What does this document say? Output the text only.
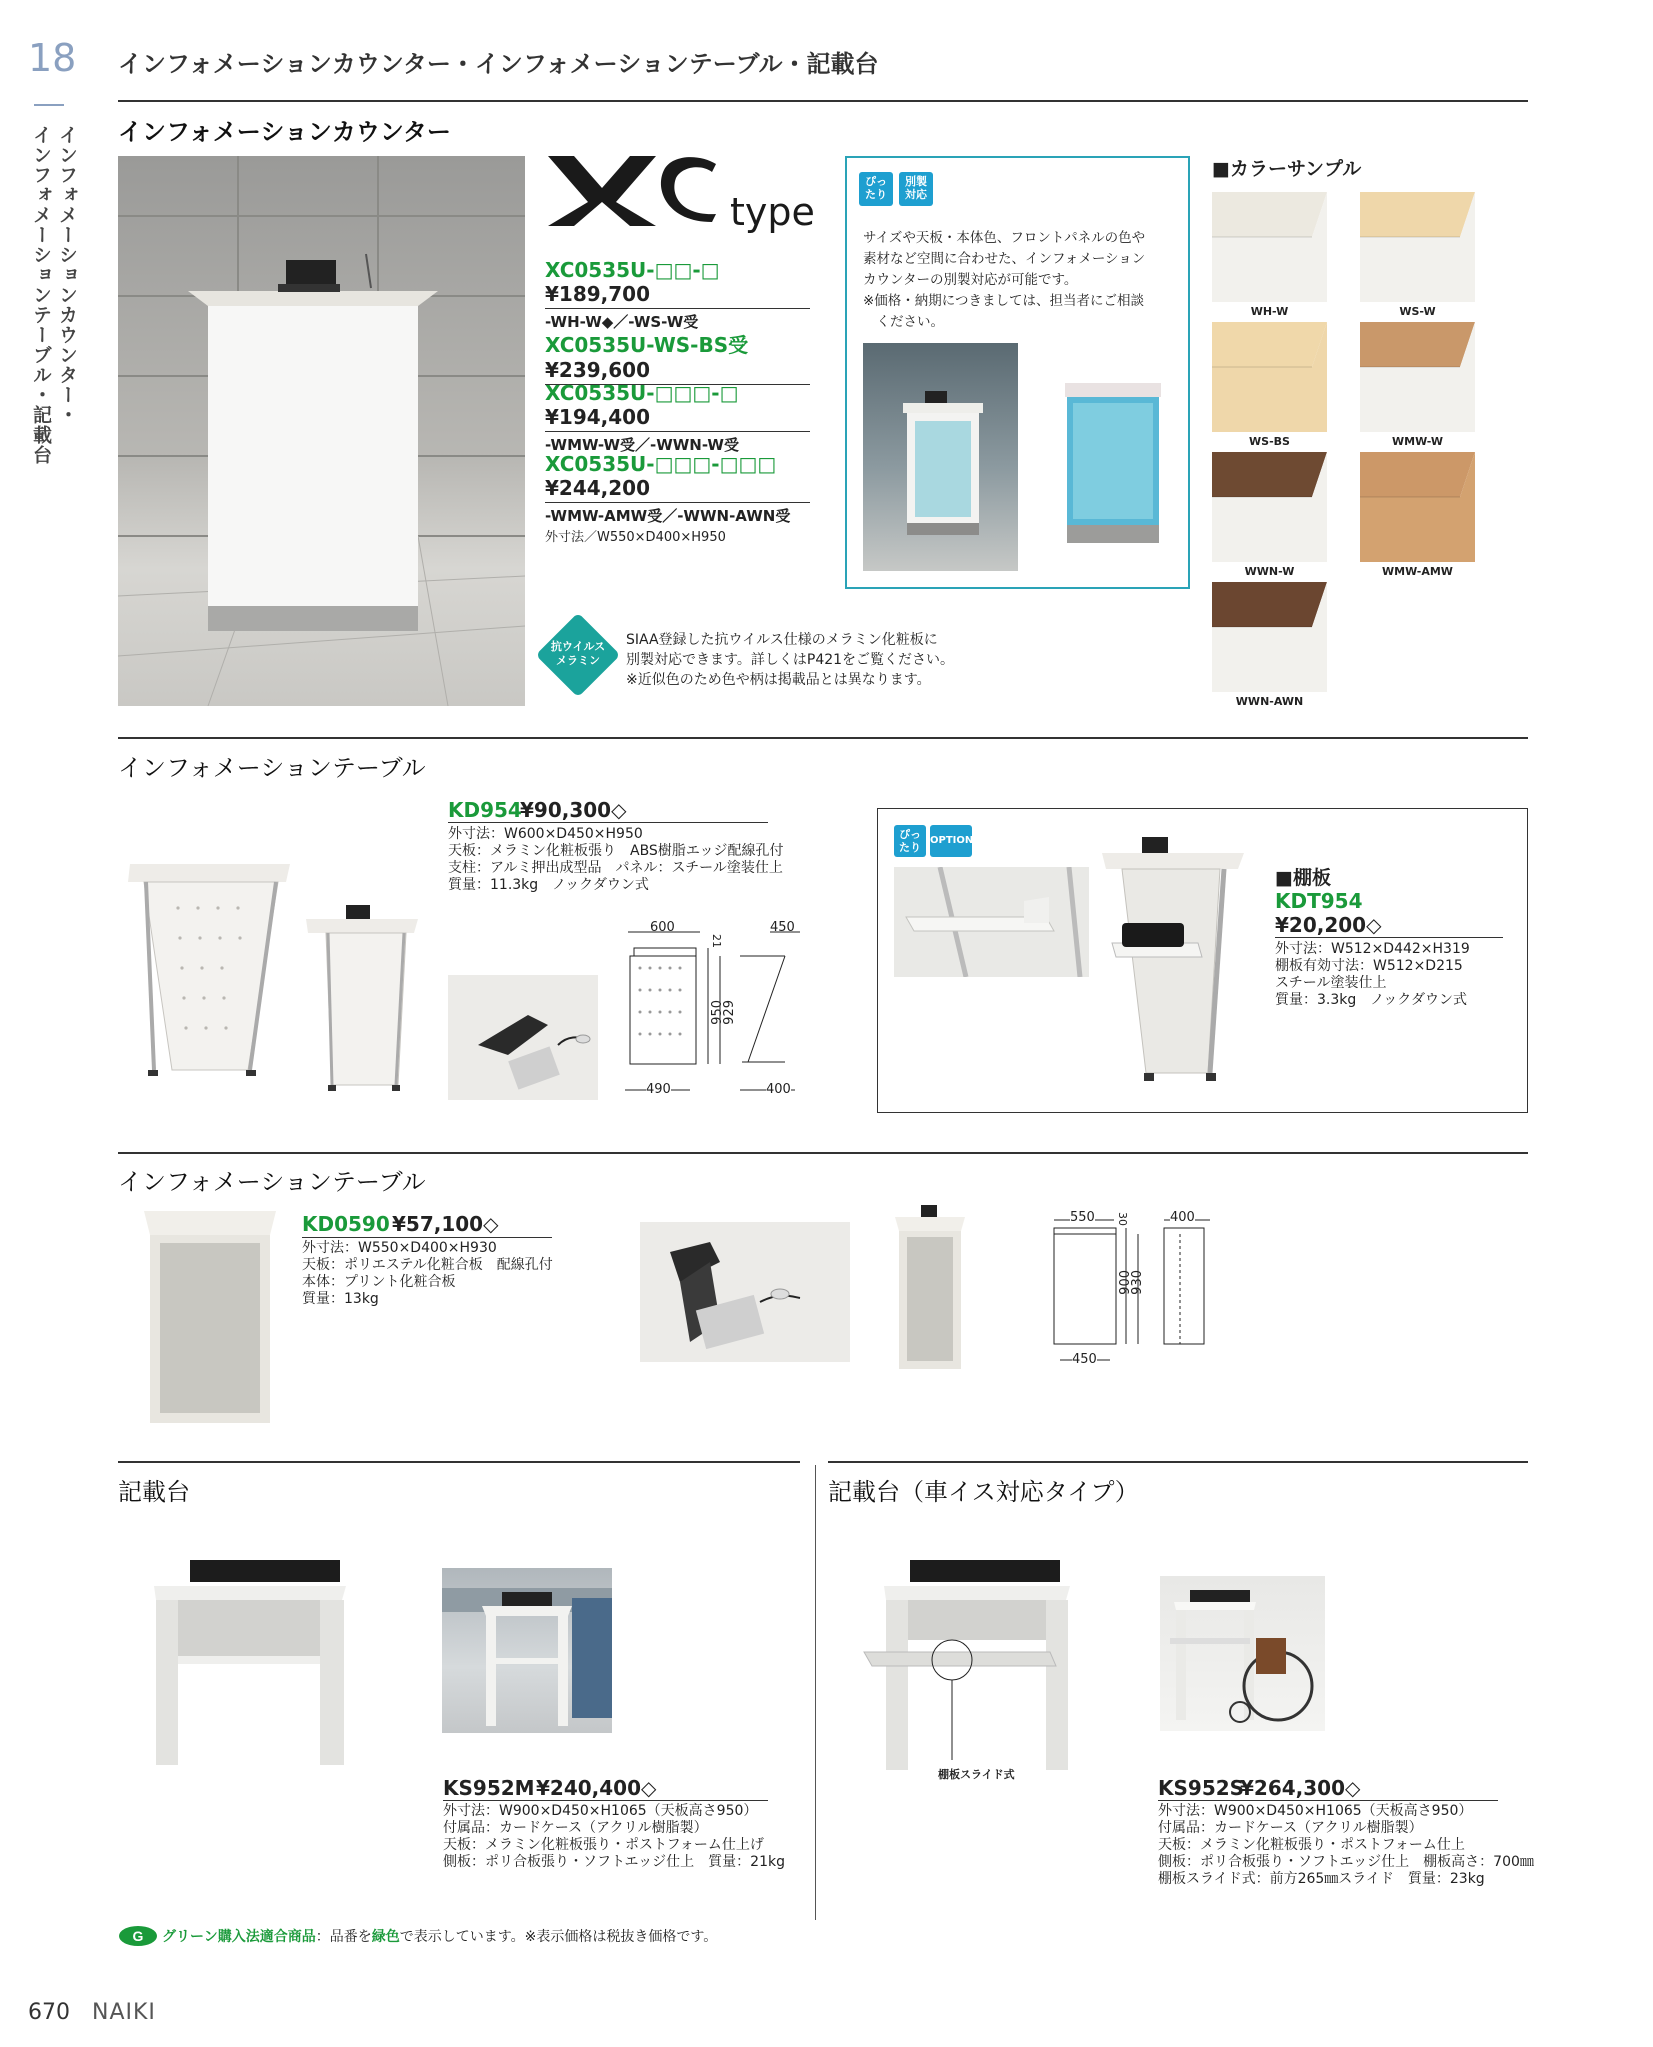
18 インフォメーションカウンター・インフォメーションテーブル・記載台
インフォメーションカウンター・
インフォメーションテーブル・記載台	インフォメーションカウンター
type
XC0535U-□□-□
¥189,700
-WH-W◆／-WS-W受
XC0535U-WS-BS受
¥239,600
XC0535U-□□□-□
¥194,400
-WMW-W受／-WWN-W受
XC0535U-□□□-□□□
¥244,200
-WMW-AMW受／-WWN-AWN受
外寸法／W550×D400×H950
ぴっ
たり
別製
対応
サイズや天板・本体色、フロントパネルの色や
素材など空間に合わせた、インフォメーション
カウンターの別製対応が可能です。
※価格・納期につきましては、担当者にご相談
　ください。
抗ウイルス
メラミン
SIAA登録した抗ウイルス仕様のメラミン化粧板に
別製対応できます。詳しくはP421をご覧ください。
※近似色のため色や柄は掲載品とは異なります。
■カラーサンプル
WH-W	WS-W
WS-BS	WMW-W
WWN-W	WMW-AMW
WWN-AWN
インフォメーションテーブル
KD954
¥90,300◇
外寸法：W600×D450×H950
天板：メラミン化粧板張り　ABS樹脂エッジ配線孔付
支柱：アルミ押出成型品　パネル：スチール塗装仕上
質量：11.3kg　ノックダウン式
600	450
21
950
929
490	400
ぴっ
たり
OPTION
■棚板
KDT954
¥20,200◇
外寸法：W512×D442×H319
棚板有効寸法：W512×D215
スチール塗装仕上
質量：3.3kg　ノックダウン式
インフォメーションテーブル
KD0590 ¥57,100◇
外寸法：W550×D400×H930
天板：ポリエステル化粧合板　配線孔付
本体：プリント化粧合板
質量：13kg
550 30	400
900
930
450
記載台	記載台（車イス対応タイプ）
KS952M ¥240,400◇
外寸法：W900×D450×H1065（天板高さ950）
付属品：カードケース（アクリル樹脂製）
天板：メラミン化粧板張り・ポストフォーム仕上げ
側板：ポリ合板張り・ソフトエッジ仕上　質量：21kg
棚板スライド式
KS952S
¥264,300◇
外寸法：W900×D450×H1065（天板高さ950）
付属品：カードケース（アクリル樹脂製）
天板：メラミン化粧板張り・ポストフォーム仕上
側板：ポリ合板張り・ソフトエッジ仕上　棚板高さ：700㎜
棚板スライド式：前方265㎜スライド　質量：23kg
G グリーン購入法適合商品：品番を緑色で表示しています。※表示価格は税抜き価格です。
670 NAIKI
